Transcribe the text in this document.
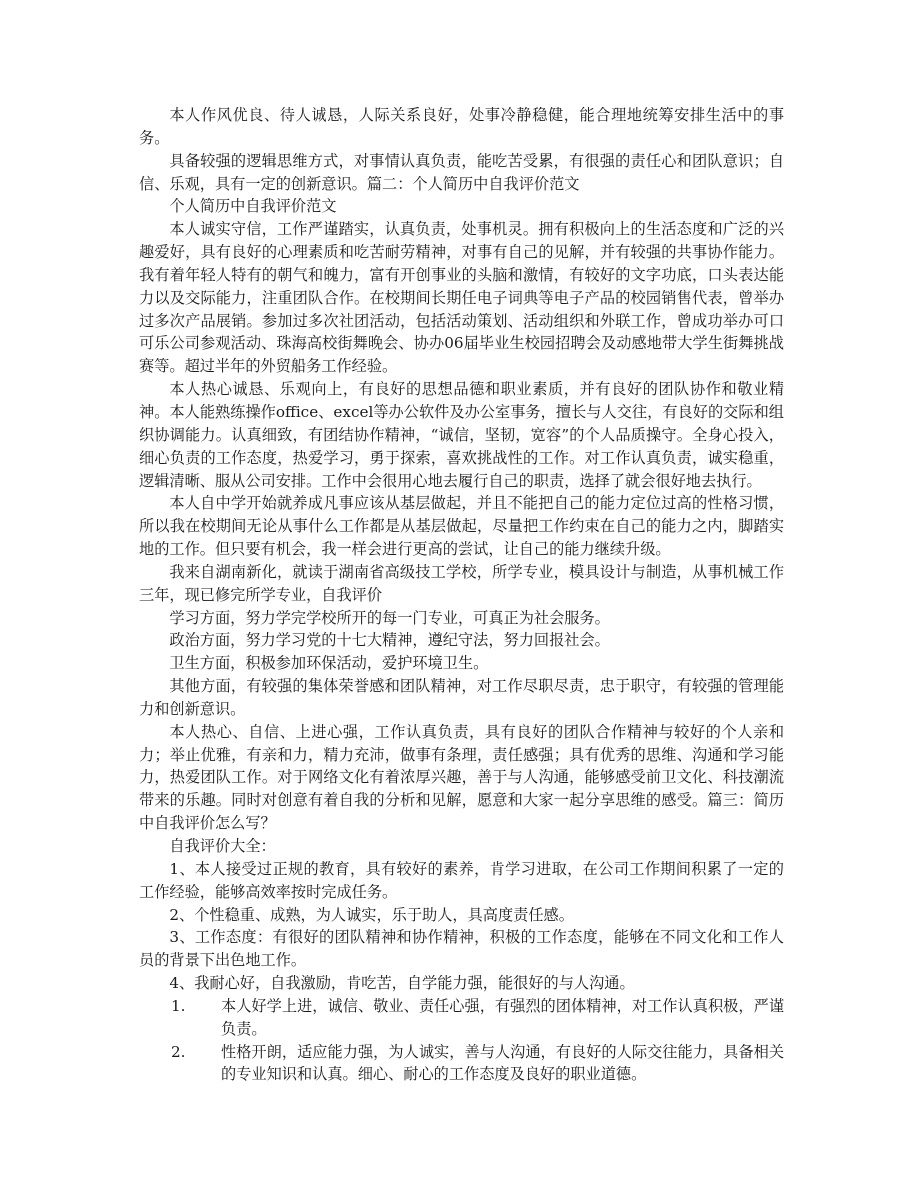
本人作风优良、待人诚恳，人际关系良好，处事冷静稳健，能合理地统筹安排生活中的事务。

具备较强的逻辑思维方式，对事情认真负责，能吃苦受累，有很强的责任心和团队意识；自信、乐观，具有一定的创新意识。篇二：个人简历中自我评价范文

个人简历中自我评价范文

本人诚实守信，工作严谨踏实，认真负责，处事机灵。拥有积极向上的生活态度和广泛的兴趣爱好，具有良好的心理素质和吃苦耐劳精神，对事有自己的见解，并有较强的共事协作能力。我有着年轻人特有的朝气和魄力，富有开创事业的头脑和激情，有较好的文字功底，口头表达能力以及交际能力，注重团队合作。在校期间长期任电子词典等电子产品的校园销售代表，曾举办过多次产品展销。参加过多次社团活动，包括活动策划、活动组织和外联工作，曾成功举办可口可乐公司参观活动、珠海高校街舞晚会、协办06届毕业生校园招聘会及动感地带大学生街舞挑战赛等。超过半年的外贸船务工作经验。

本人热心诚恳、乐观向上，有良好的思想品德和职业素质，并有良好的团队协作和敬业精神。本人能熟练操作office、excel等办公软件及办公室事务，擅长与人交往，有良好的交际和组织协调能力。认真细致，有团结协作精神，“诚信，坚韧，宽容”的个人品质操守。全身心投入，细心负责的工作态度，热爱学习，勇于探索，喜欢挑战性的工作。对工作认真负责，诚实稳重，逻辑清晰、服从公司安排。工作中会很用心地去履行自己的职责，选择了就会很好地去执行。

本人自中学开始就养成凡事应该从基层做起，并且不能把自己的能力定位过高的性格习惯，所以我在校期间无论从事什么工作都是从基层做起，尽量把工作约束在自己的能力之内，脚踏实地的工作。但只要有机会，我一样会进行更高的尝试，让自己的能力继续升级。

我来自湖南新化，就读于湖南省高级技工学校，所学专业，模具设计与制造，从事机械工作三年，现已修完所学专业，自我评价

学习方面，努力学完学校所开的每一门专业，可真正为社会服务。

政治方面，努力学习党的十七大精神，遵纪守法，努力回报社会。

卫生方面，积极参加环保活动，爱护环境卫生。

其他方面，有较强的集体荣誉感和团队精神，对工作尽职尽责，忠于职守，有较强的管理能力和创新意识。

本人热心、自信、上进心强，工作认真负责，具有良好的团队合作精神与较好的个人亲和力；举止优雅，有亲和力，精力充沛，做事有条理，责任感强；具有优秀的思维、沟通和学习能力，热爱团队工作。对于网络文化有着浓厚兴趣，善于与人沟通，能够感受前卫文化、科技潮流带来的乐趣。同时对创意有着自我的分析和见解，愿意和大家一起分享思维的感受。篇三：简历中自我评价怎么写？

自我评价大全：

1、本人接受过正规的教育，具有较好的素养，肯学习进取，在公司工作期间积累了一定的工作经验，能够高效率按时完成任务。

2、个性稳重、成熟，为人诚实，乐于助人，具高度责任感。

3、工作态度：有很好的团队精神和协作精神，积极的工作态度，能够在不同文化和工作人员的背景下出色地工作。

4、我耐心好，自我激励，肯吃苦，自学能力强，能很好的与人沟通。

1.	本人好学上进，诚信、敬业、责任心强，有强烈的团体精神，对工作认真积极，严谨负责。
2.	性格开朗，适应能力强，为人诚实，善与人沟通，有良好的人际交往能力，具备相关的专业知识和认真。细心、耐心的工作态度及良好的职业道德。
